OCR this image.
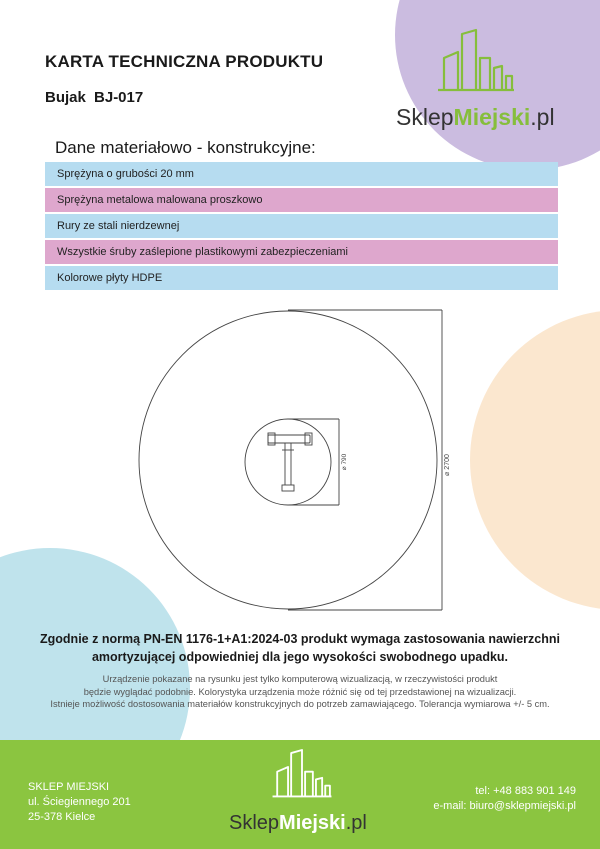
KARTA TECHNICZNA PRODUKTU
Bujak BJ-017
SklepMiejski.pl
Dane materiałowo - konstrukcyjne:
Sprężyna o grubości 20 mm
Sprężyna metalowa malowana proszkowo
Rury ze stali nierdzewnej
Wszystkie śruby zaślepione plastikowymi zabezpieczeniami
Kolorowe płyty HDPE
⌀ 2700
⌀ 790
Zgodnie z normą PN-EN 1176-1+A1:2024-03 produkt wymaga zastosowania nawierzchni amortyzującej odpowiedniej dla jego wysokości swobodnego upadku.
Urządzenie pokazane na rysunku jest tylko komputerową wizualizacją, w rzeczywistości produkt
będzie wyglądać podobnie. Kolorystyka urządzenia może różnić się od tej przedstawionej na wizualizacji.
Istnieje możliwość dostosowania materiałów konstrukcyjnych do potrzeb zamawiającego. Tolerancja wymiarowa +/- 5 cm.
SKLEP MIEJSKI
ul. Ściegiennego 201
25-378 Kielce	SklepMiejski.pl
tel: +48 883 901 149
e-mail: biuro@sklepmiejski.pl
